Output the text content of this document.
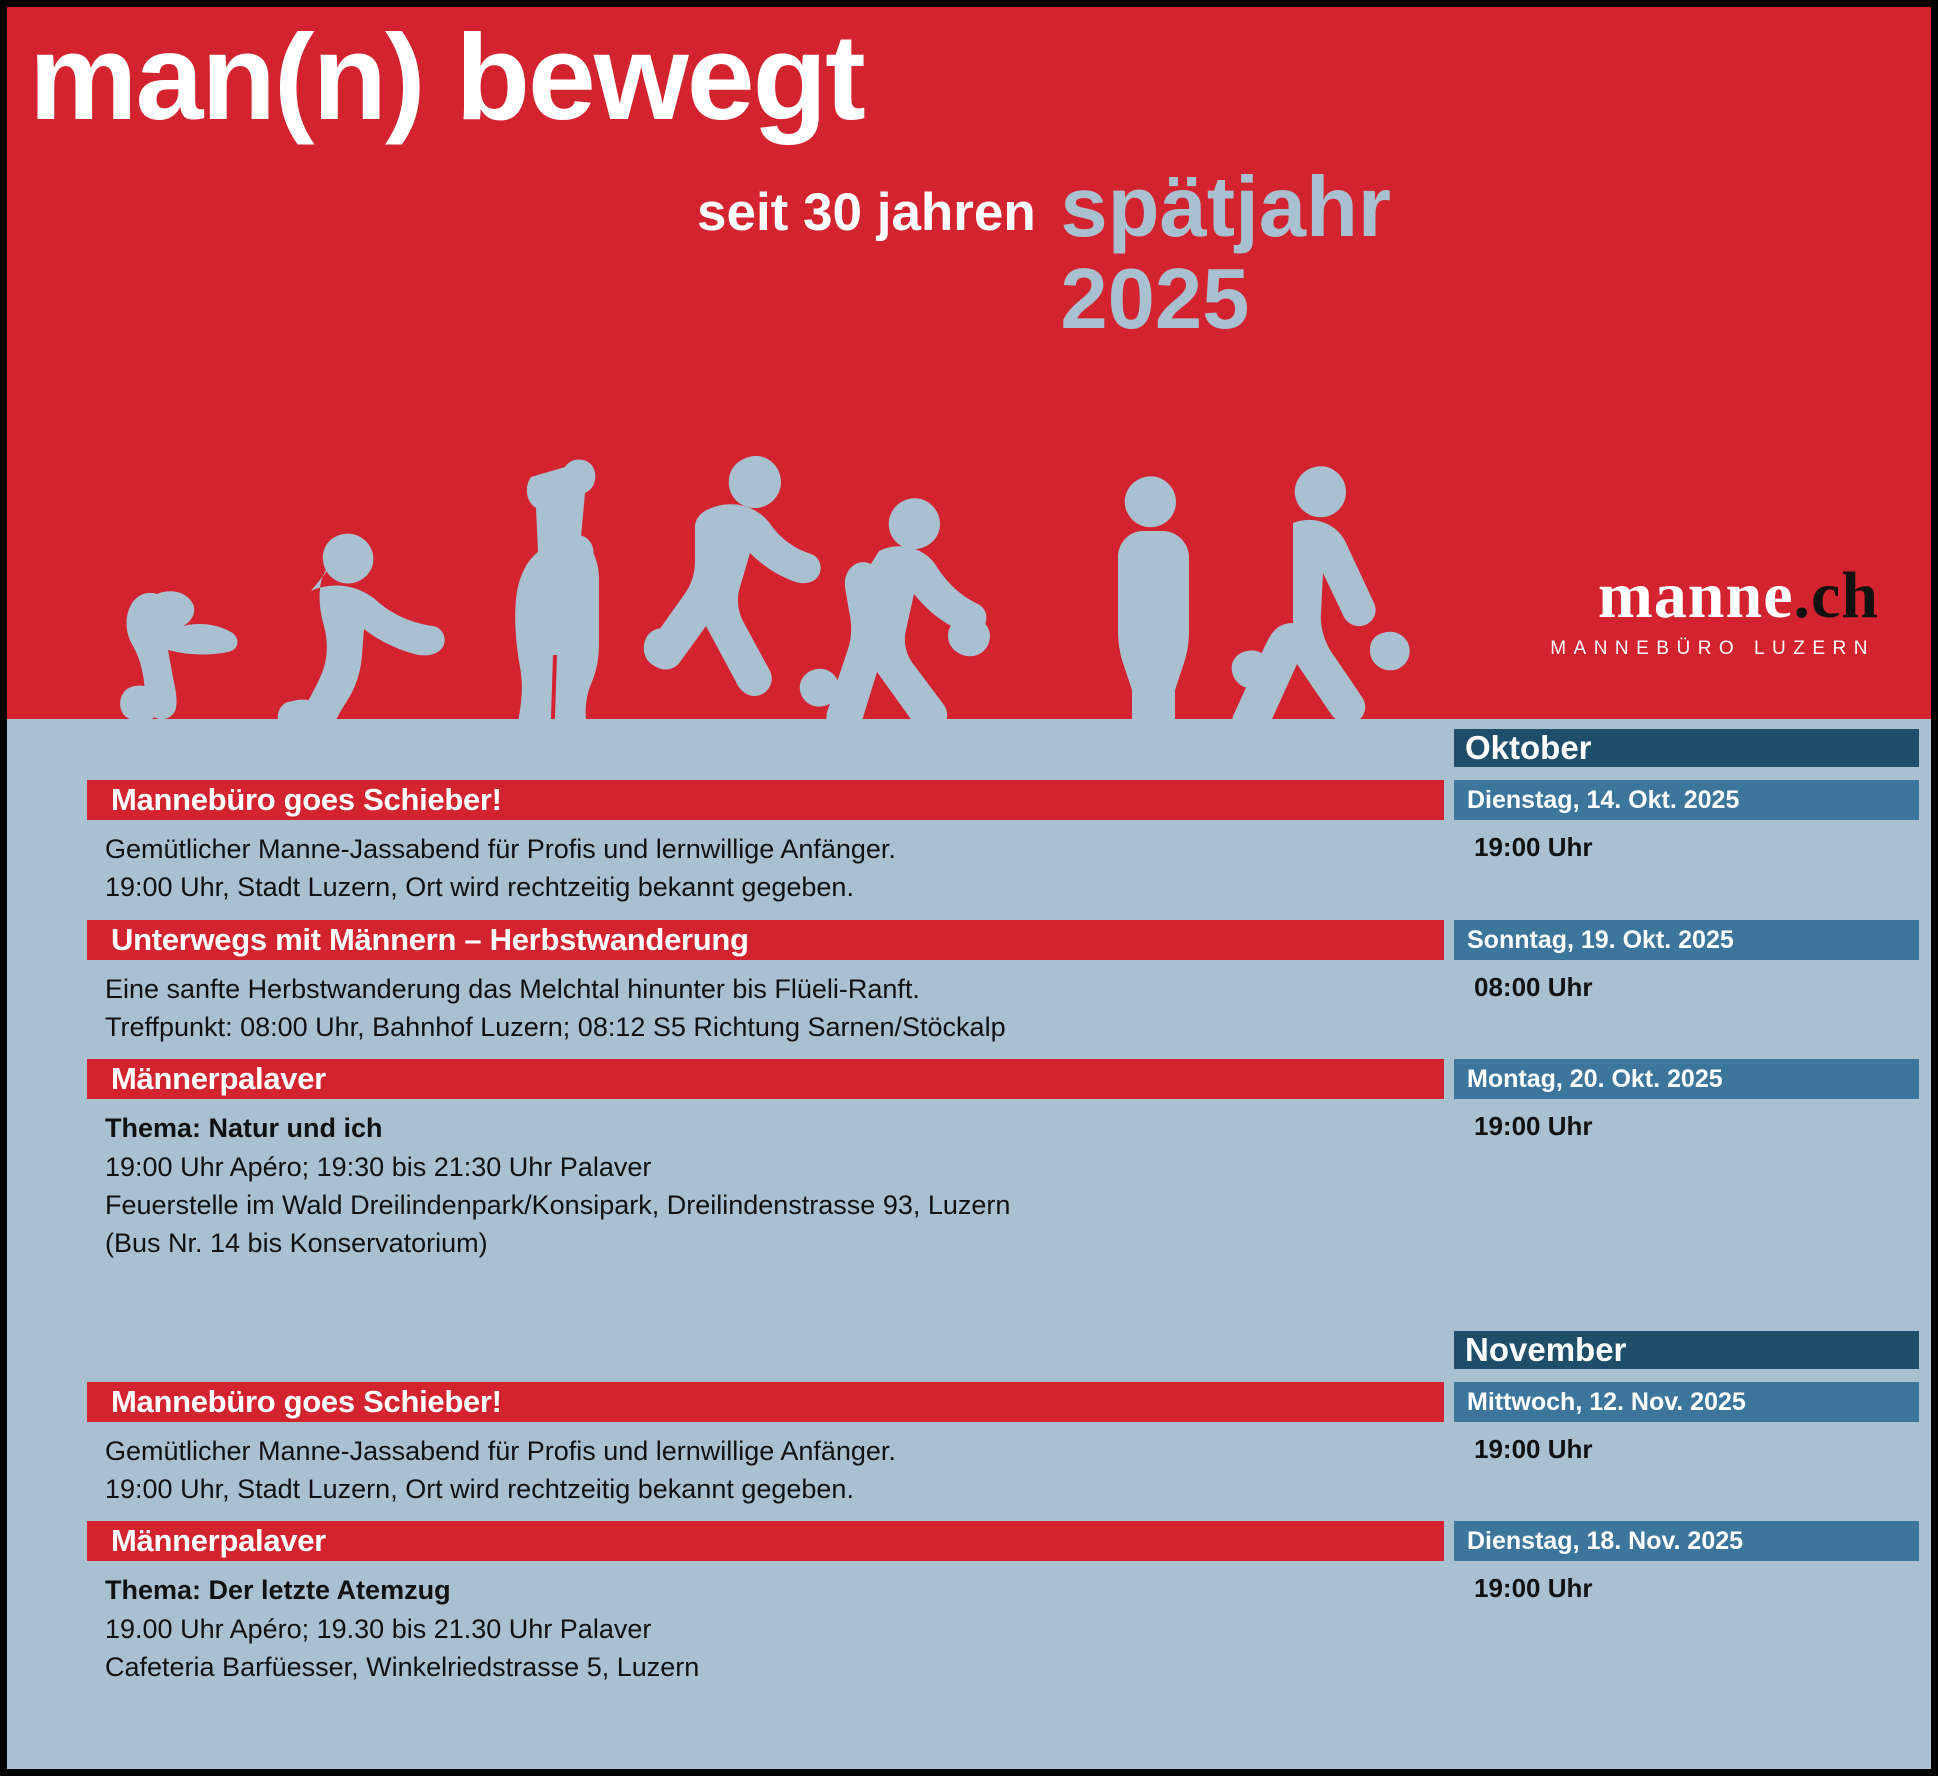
man(n) bewegt
seit 30 jahren spätjahr
2025
manne.ch
MANNEBÜRO LUZERN
Oktober
Mannebüro goes Schieber!	Dienstag, 14. Okt. 2025
Gemütlicher Manne-Jassabend für Profis und lernwillige Anfänger.
19:00 Uhr, Stadt Luzern, Ort wird rechtzeitig bekannt gegeben.
19:00 Uhr
Unterwegs mit Männern – Herbstwanderung	Sonntag, 19. Okt. 2025
Eine sanfte Herbstwanderung das Melchtal hinunter bis Flüeli-Ranft.
Treffpunkt: 08:00 Uhr, Bahnhof Luzern; 08:12 S5 Richtung Sarnen/Stöckalp
08:00 Uhr
Männerpalaver	Montag, 20. Okt. 2025
Thema: Natur und ich
19:00 Uhr Apéro; 19:30 bis 21:30 Uhr Palaver
Feuerstelle im Wald Dreilindenpark/Konsipark, Dreilindenstrasse 93, Luzern
(Bus Nr. 14 bis Konservatorium)
19:00 Uhr
November
Mannebüro goes Schieber!	Mittwoch, 12. Nov. 2025
Gemütlicher Manne-Jassabend für Profis und lernwillige Anfänger.
19:00 Uhr, Stadt Luzern, Ort wird rechtzeitig bekannt gegeben.
19:00 Uhr
Männerpalaver	Dienstag, 18. Nov. 2025
Thema: Der letzte Atemzug
19.00 Uhr Apéro; 19.30 bis 21.30 Uhr Palaver
Cafeteria Barfüesser, Winkelriedstrasse 5, Luzern
19:00 Uhr
